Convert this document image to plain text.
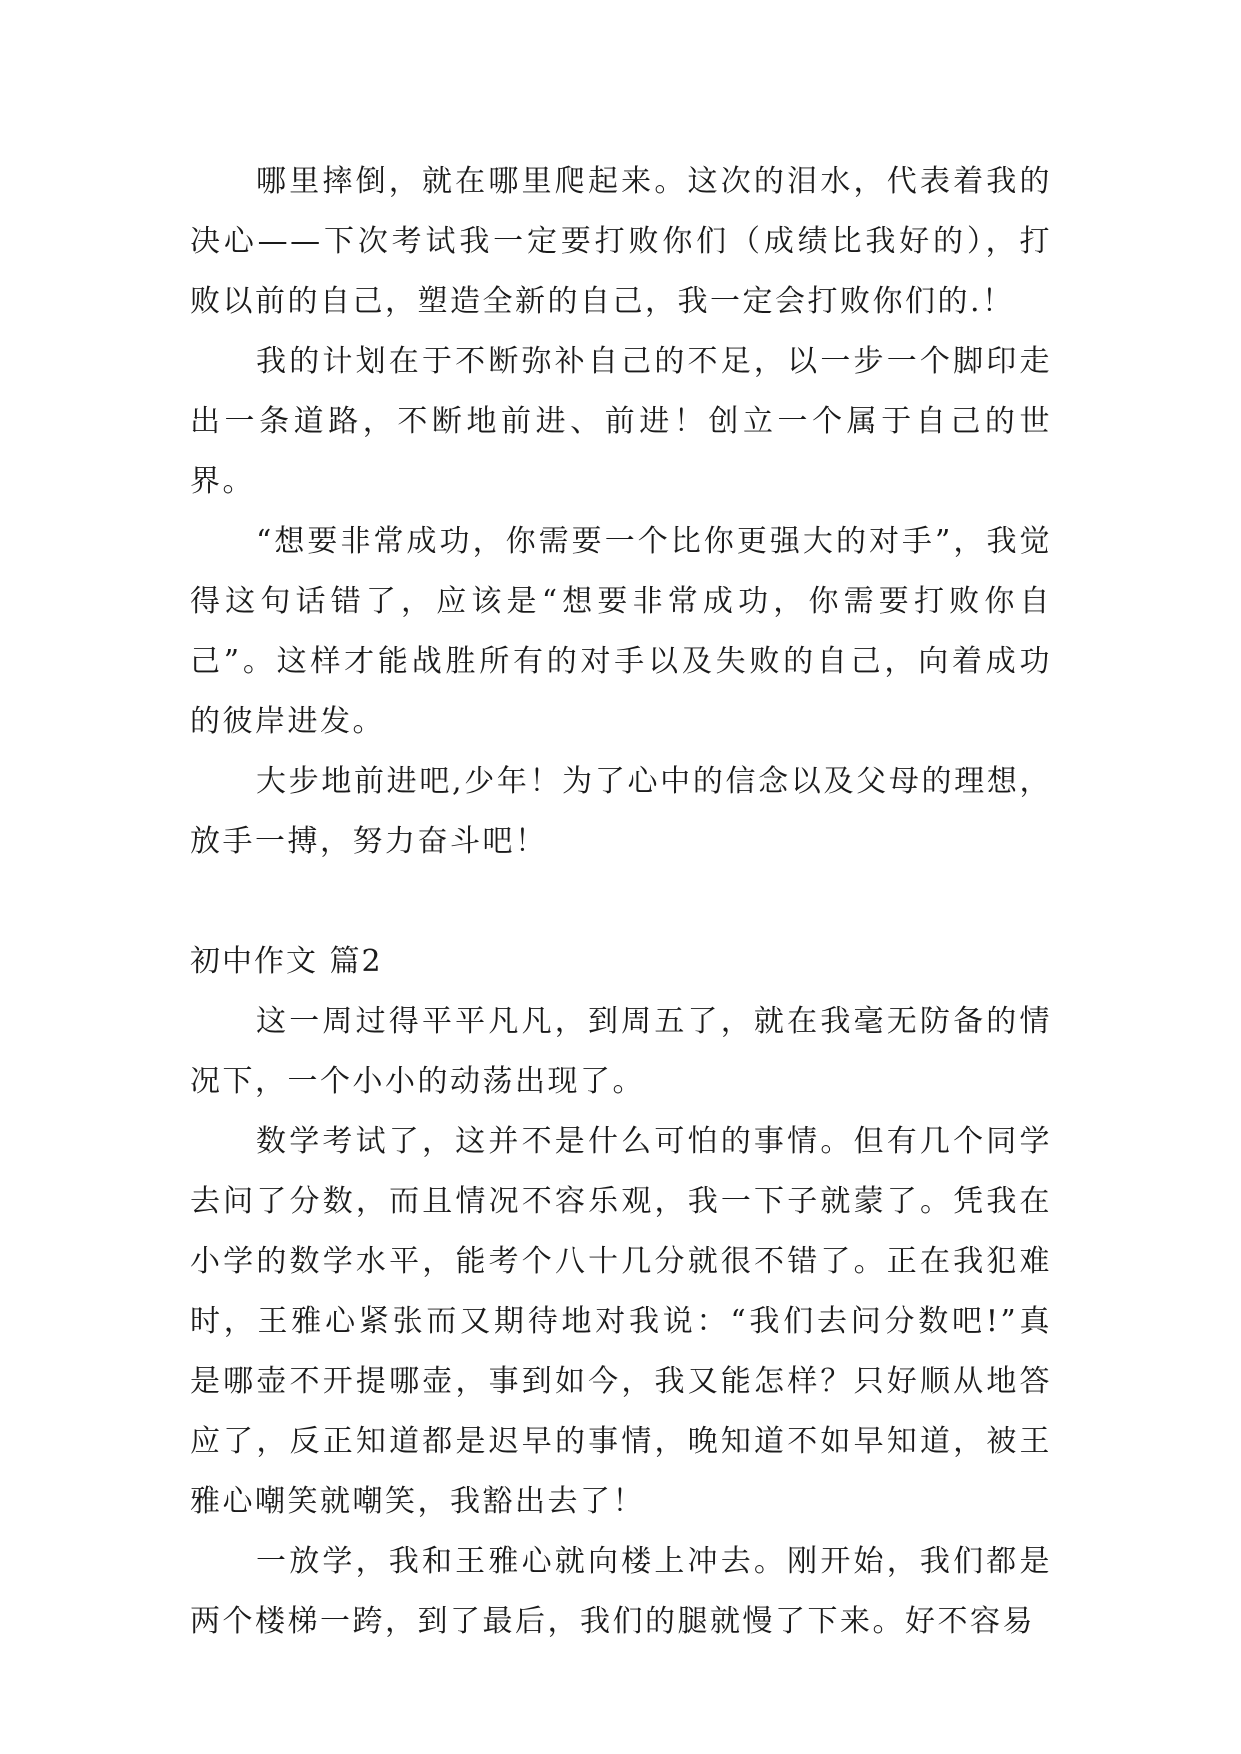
哪里摔倒，就在哪里爬起来。这次的泪水，代表着我的决心——下次考试我一定要打败你们（成绩比我好的），打败以前的自己，塑造全新的自己，我一定会打败你们的.！

我的计划在于不断弥补自己的不足，以一步一个脚印走出一条道路，不断地前进、前进！创立一个属于自己的世界。

“想要非常成功，你需要一个比你更强大的对手”，我觉得这句话错了，应该是“想要非常成功，你需要打败你自己”。这样才能战胜所有的对手以及失败的自己，向着成功的彼岸进发。

大步地前进吧,少年！为了心中的信念以及父母的理想，放手一搏，努力奋斗吧！

初中作文 篇2

这一周过得平平凡凡，到周五了，就在我毫无防备的情况下，一个小小的动荡出现了。

数学考试了，这并不是什么可怕的事情。但有几个同学去问了分数，而且情况不容乐观，我一下子就蒙了。凭我在小学的数学水平，能考个八十几分就很不错了。正在我犯难时，王雅心紧张而又期待地对我说：“我们去问分数吧!”真是哪壶不开提哪壶，事到如今，我又能怎样？只好顺从地答应了，反正知道都是迟早的事情，晚知道不如早知道，被王雅心嘲笑就嘲笑，我豁出去了！

一放学，我和王雅心就向楼上冲去。刚开始，我们都是两个楼梯一跨，到了最后，我们的腿就慢了下来。好不容易
